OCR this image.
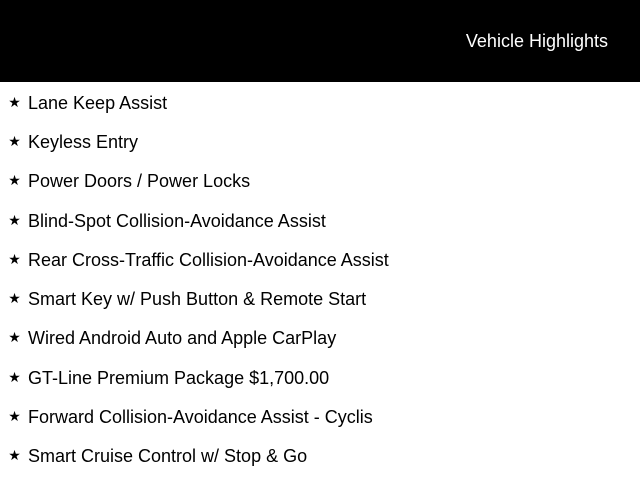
Vehicle Highlights
★ Lane Keep Assist
★ Keyless Entry
★ Power Doors / Power Locks
★ Blind-Spot Collision-Avoidance Assist
★ Rear Cross-Traffic Collision-Avoidance Assist
★ Smart Key w/ Push Button & Remote Start
★ Wired Android Auto and Apple CarPlay
★ GT-Line Premium Package $1,700.00
★ Forward Collision-Avoidance Assist - Cyclis
★ Smart Cruise Control w/ Stop & Go
